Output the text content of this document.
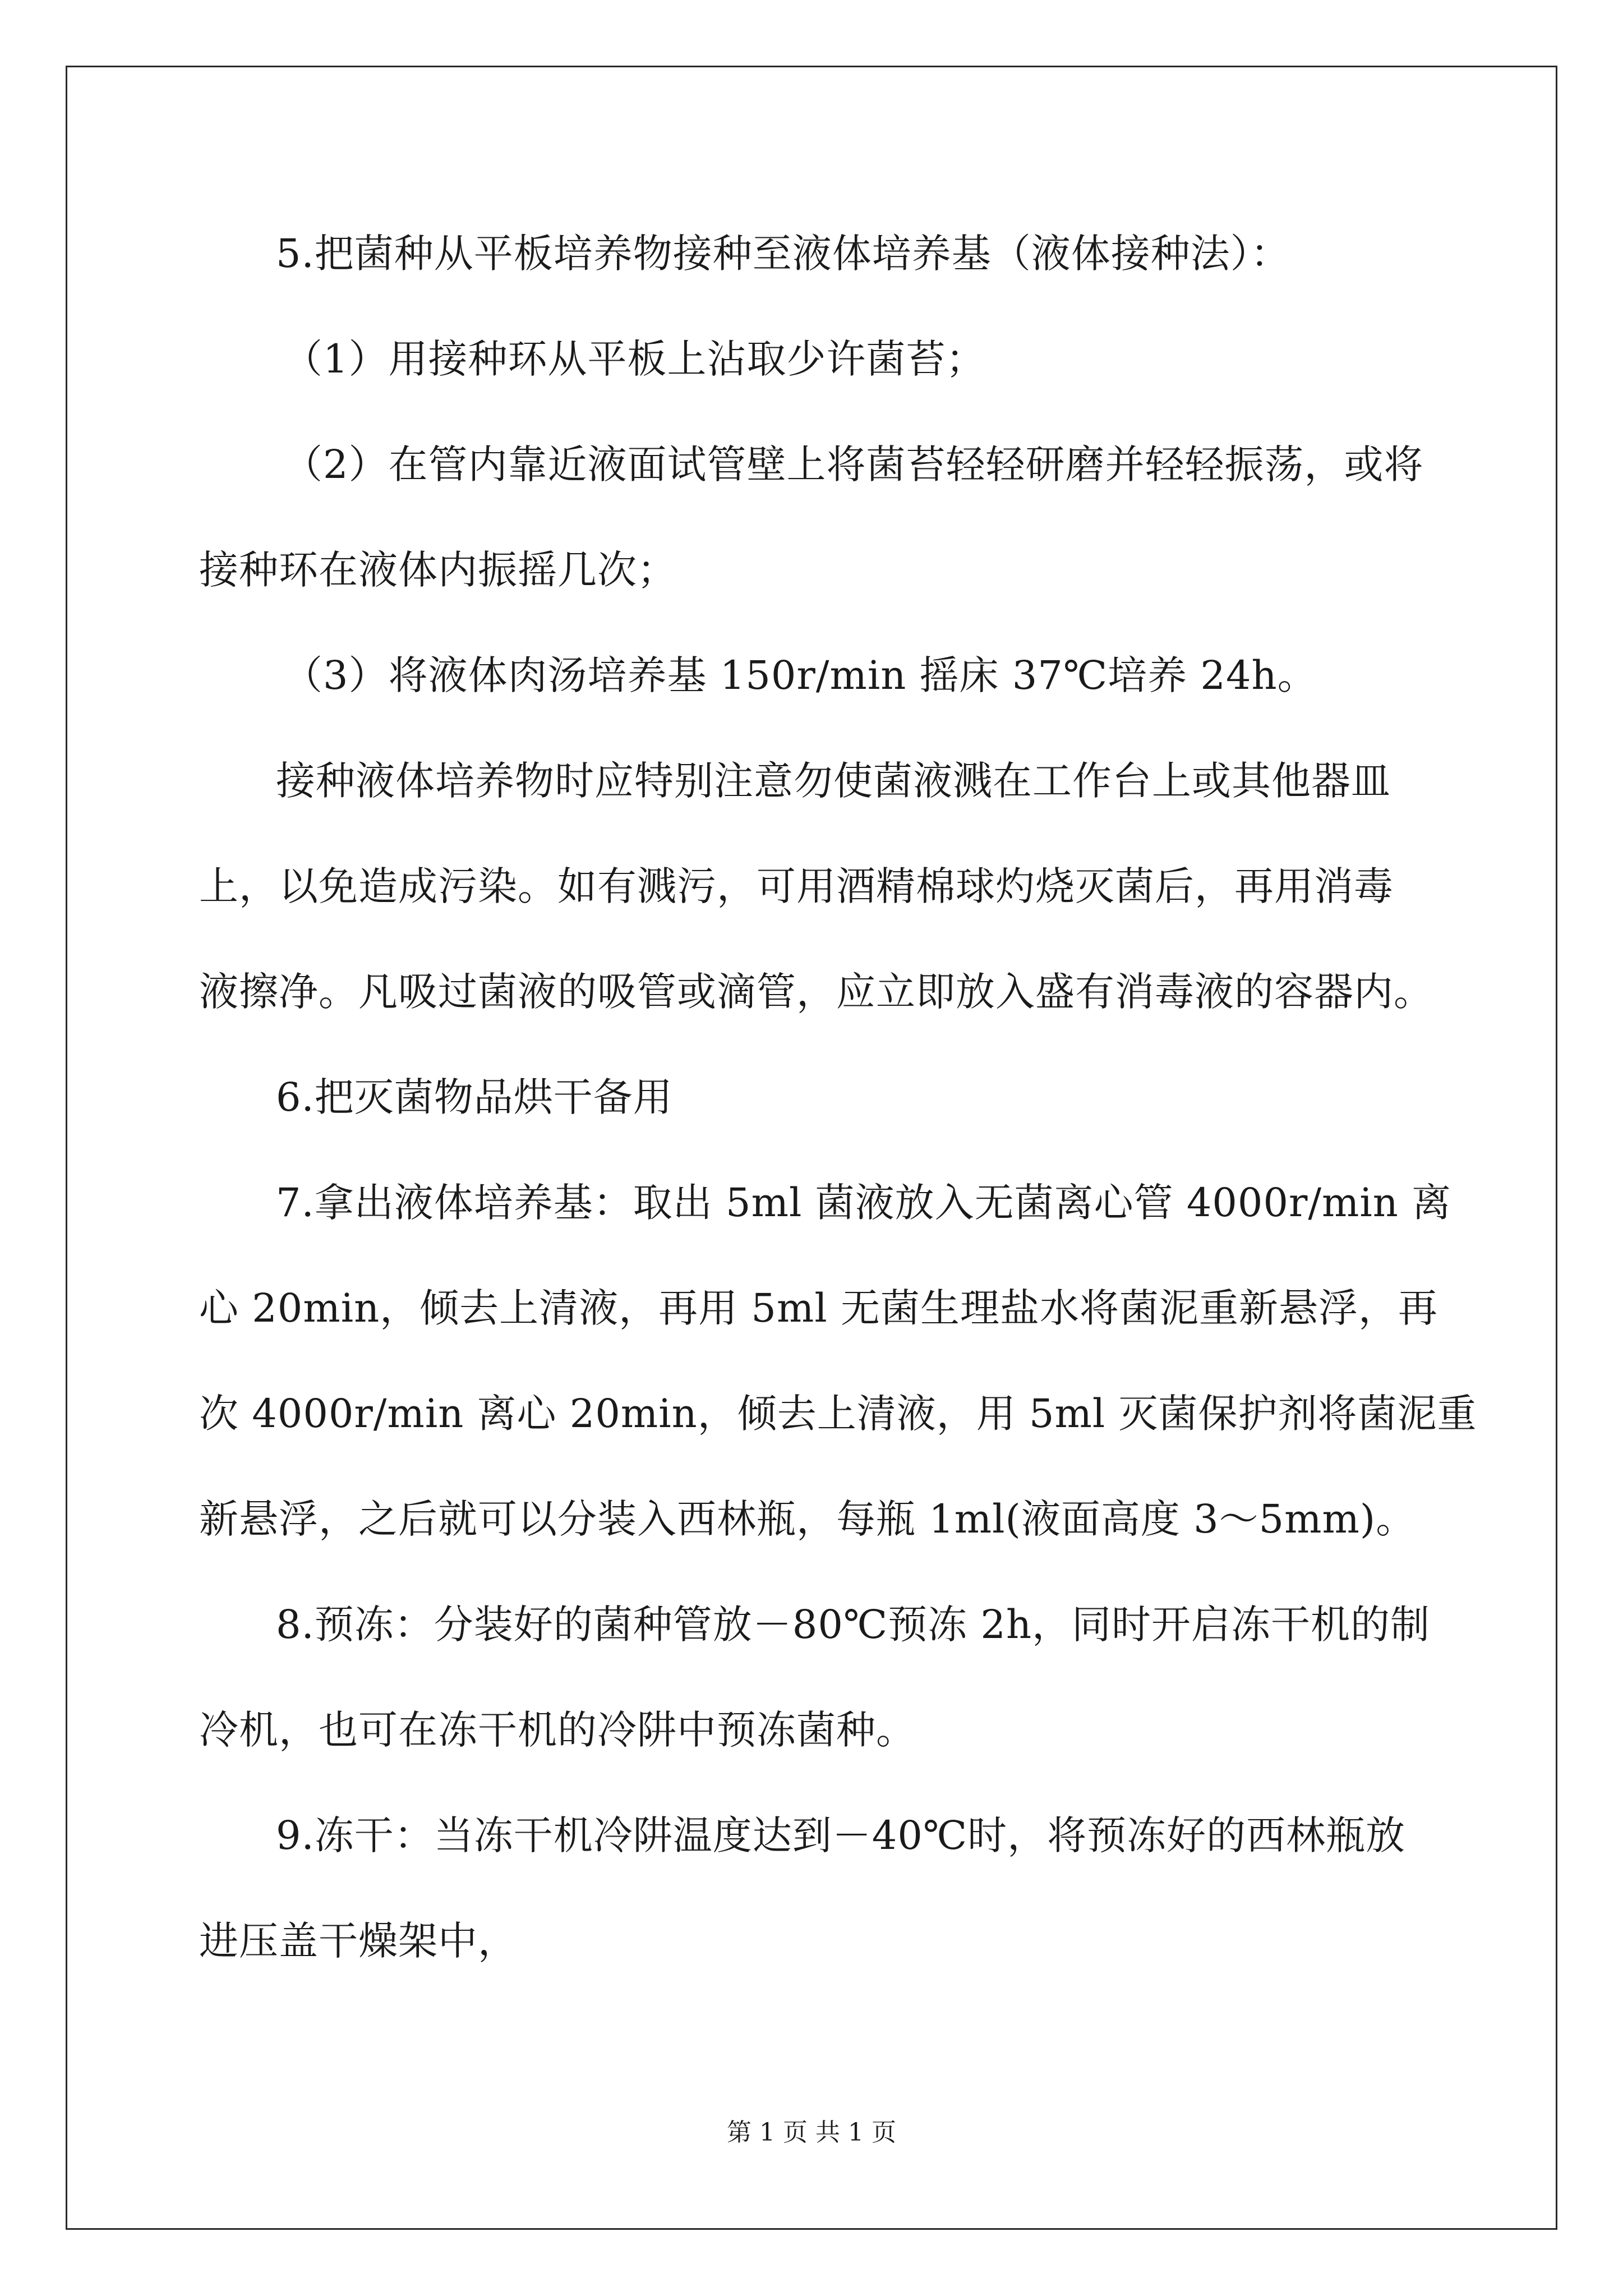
5.把菌种从平板培养物接种至液体培养基（液体接种法）：
（1）用接种环从平板上沾取少许菌苔；
（2）在管内靠近液面试管壁上将菌苔轻轻研磨并轻轻振荡，或将
接种环在液体内振摇几次；
（3）将液体肉汤培养基 150r/min 摇床 37℃培养 24h。
接种液体培养物时应特别注意勿使菌液溅在工作台上或其他器皿
上，以免造成污染。如有溅污，可用酒精棉球灼烧灭菌后，再用消毒
液擦净。凡吸过菌液的吸管或滴管，应立即放入盛有消毒液的容器内。
6.把灭菌物品烘干备用
7.拿出液体培养基：取出 5ml 菌液放入无菌离心管 4000r/min 离
心 20min，倾去上清液，再用 5ml 无菌生理盐水将菌泥重新悬浮，再
次 4000r/min 离心 20min，倾去上清液，用 5ml 灭菌保护剂将菌泥重
新悬浮，之后就可以分装入西林瓶，每瓶 1ml(液面高度 3～5mm)。
8.预冻：分装好的菌种管放－80℃预冻 2h，同时开启冻干机的制
冷机，也可在冻干机的冷阱中预冻菌种。
9.冻干：当冻干机冷阱温度达到－40℃时，将预冻好的西林瓶放
进压盖干燥架中，
第 1 页 共 1 页
